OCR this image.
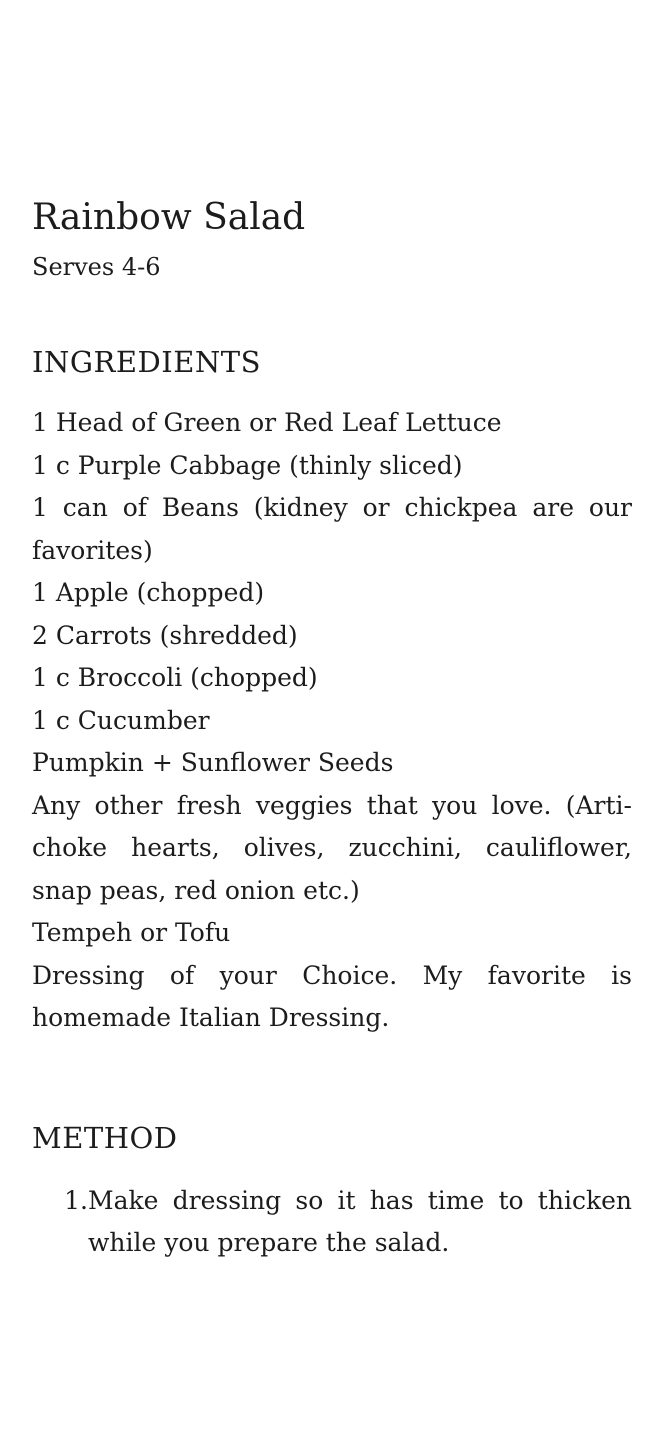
Rainbow Salad

Serves 4-6

INGREDIENTS
1 Head of Green or Red Leaf Lettuce
1 c Purple Cabbage (thinly sliced)
1 can of Beans (kidney or chickpea are our favorites)
1 Apple (chopped)
2 Carrots (shredded)
1 c Broccoli (chopped)
1 c Cucumber
Pumpkin + Sunflower Seeds
Any other fresh veggies that you love. (Arti-choke hearts, olives, zucchini, cauliflower, snap peas, red onion etc.)
Tempeh or Tofu
Dressing of your Choice. My favorite is homemade Italian Dressing.
METHOD
1. Make dressing so it has time to thicken while you prepare the salad.
